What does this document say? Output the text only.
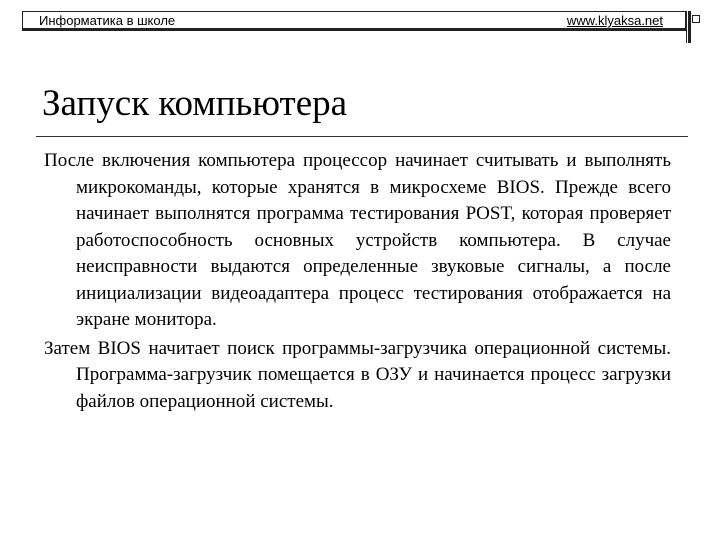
Информатика в школе	www.klyaksa.net
Запуск компьютера

После включения компьютера процессор начинает считывать и выполнять микрокоманды, которые хранятся в микросхеме BIOS. Прежде всего начинает выполнятся программа тестирования POST, которая проверяет работоспособность основных устройств компьютера. В случае неисправности выдаются определенные звуковые сигналы, а после инициализации видеоадаптера процесс тестирования отображается на экране монитора.

Затем BIOS начитает поиск программы-загрузчика операционной системы. Программа-загрузчик помещается в ОЗУ и начинается процесс загрузки файлов операционной системы.
